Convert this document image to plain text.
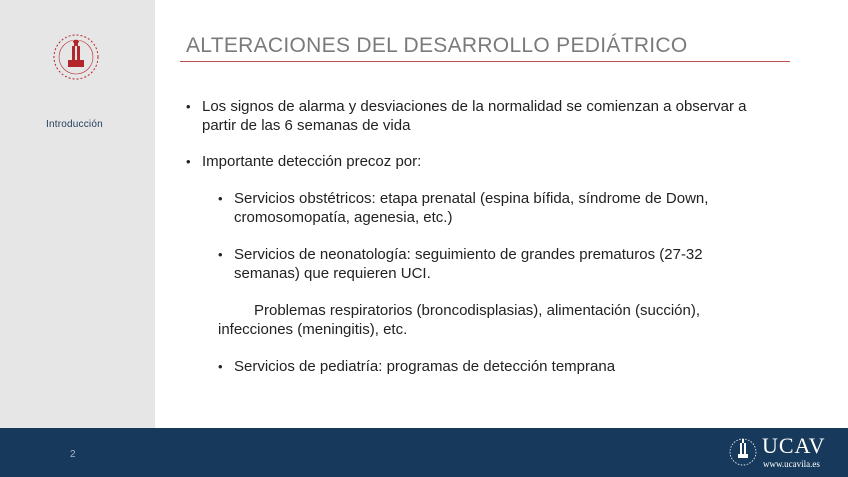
Introducción
ALTERACIONES DEL DESARROLLO PEDIÁTRICO
• Los signos de alarma y desviaciones de la normalidad se comienzan a observar a
partir de las 6 semanas de vida
• Importante detección precoz por:
• Servicios obstétricos: etapa prenatal (espina bífida, síndrome de Down,
cromosomopatía, agenesia, etc.)
• Servicios de neonatología: seguimiento de grandes prematuros (27-32
semanas) que requieren UCI.
Problemas respiratorios (broncodisplasias), alimentación (succión),
infecciones (meningitis), etc.
• Servicios de pediatría: programas de detección temprana
2	UCAV
www.ucavila.es
